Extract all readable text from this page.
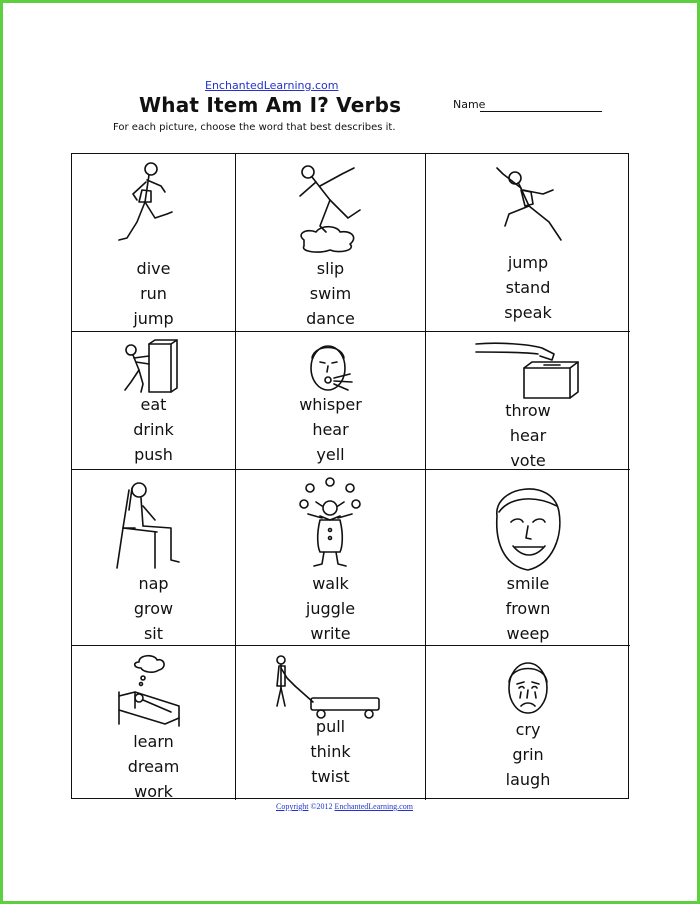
EnchantedLearning.com
What Item Am I? Verbs	Name
For each picture, choose the word that best describes it.
dive
run
jump
slip
swim
dance
jump
stand
speak
eat
drink
push
whisper
hear
yell
throw
hear
vote
nap
grow
sit
walk
juggle
write
smile
frown
weep
learn
dream
work
pull
think
twist
cry
grin
laugh
Copyright ©2012 EnchantedLearning.com
